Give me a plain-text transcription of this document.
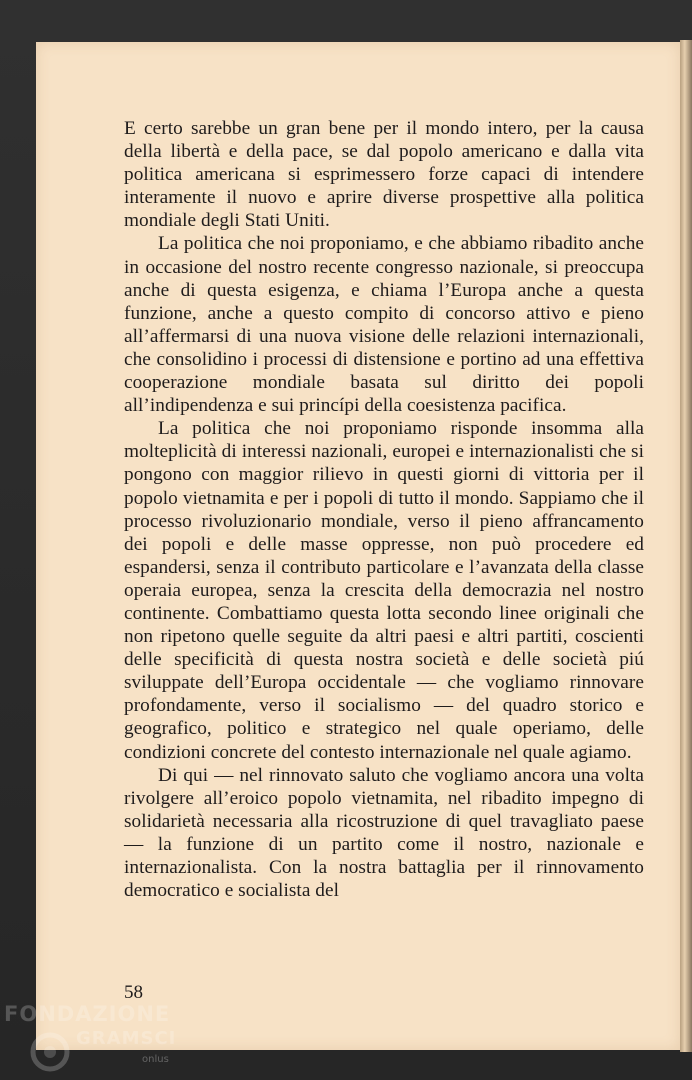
E certo sarebbe un gran bene per il mondo intero, per la causa della libertà e della pace, se dal popolo americano e dalla vita politica americana si esprimessero forze capaci di intendere interamente il nuovo e aprire diverse prospettive alla politica mondiale degli Stati Uniti.

La politica che noi proponiamo, e che abbiamo ribadito anche in occasione del nostro recente congresso nazionale, si preoccupa anche di questa esigenza, e chiama l’Europa anche a questa funzione, anche a questo compito di concorso attivo e pieno all’affermarsi di una nuova visione delle relazioni internazionali, che consolidino i processi di distensione e portino ad una effettiva cooperazione mondiale basata sul diritto dei popoli all’indipendenza e sui princípi della coesistenza pacifica.

La politica che noi proponiamo risponde insomma alla molteplicità di interessi nazionali, europei e internazionalisti che si pongono con maggior rilievo in questi giorni di vittoria per il popolo vietnamita e per i popoli di tutto il mondo. Sappiamo che il processo rivoluzionario mondiale, verso il pieno affrancamento dei popoli e delle masse oppresse, non può procedere ed espandersi, senza il contributo particolare e l’avanzata della classe operaia europea, senza la crescita della democrazia nel nostro continente. Combattiamo questa lotta secondo linee originali che non ripetono quelle seguite da altri paesi e altri partiti, coscienti delle specificità di questa nostra società e delle società piú sviluppate dell’Europa occidentale — che vogliamo rinnovare profondamente, verso il socialismo — del quadro storico e geografico, politico e strategico nel quale operiamo, delle condizioni concrete del contesto internazionale nel quale agiamo.

Di qui — nel rinnovato saluto che vogliamo ancora una volta rivolgere all’eroico popolo vietnamita, nel ribadito impegno di solidarietà necessaria alla ricostruzione di quel travagliato paese — la funzione di un partito come il nostro, nazionale e internazionalista. Con la nostra battaglia per il rinnovamento democratico e socialista del

58
FONDAZIONE
GRAMSCI
onlus
